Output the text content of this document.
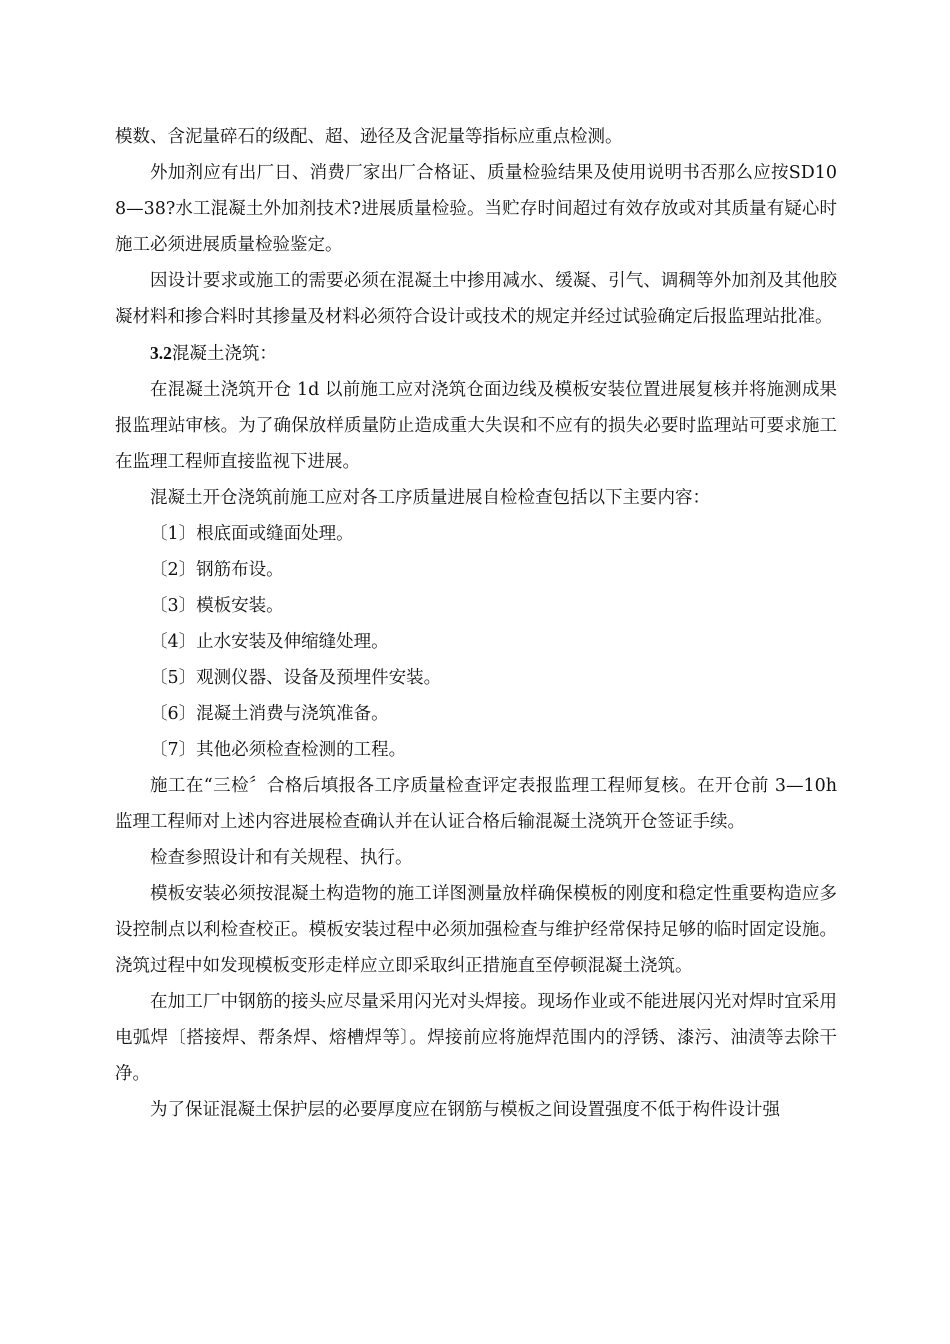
模数、含泥量碎石的级配、超、逊径及含泥量等指标应重点检测。

外加剂应有出厂日、消费厂家出厂合格证、质量检验结果及使用说明书否那么应按SD108—38?水工混凝土外加剂技术?进展质量检验。当贮存时间超过有效存放或对其质量有疑心时施工必须进展质量检验鉴定。

因设计要求或施工的需要必须在混凝土中掺用减水、缓凝、引气、调稠等外加剂及其他胶凝材料和掺合料时其掺量及材料必须符合设计或技术的规定并经过试验确定后报监理站批准。

3.2混凝土浇筑：

在混凝土浇筑开仓 1d 以前施工应对浇筑仓面边线及模板安装位置进展复核并将施测成果报监理站审核。为了确保放样质量防止造成重大失误和不应有的损失必要时监理站可要求施工在监理工程师直接监视下进展。

混凝土开仓浇筑前施工应对各工序质量进展自检检查包括以下主要内容：

〔1〕根底面或缝面处理。

〔2〕钢筋布设。

〔3〕模板安装。

〔4〕止水安装及伸缩缝处理。

〔5〕观测仪器、设备及预埋件安装。

〔6〕混凝土消费与浇筑准备。

〔7〕其他必须检查检测的工程。

施工在“三检〞合格后填报各工序质量检查评定表报监理工程师复核。在开仓前 3—10h 监理工程师对上述内容进展检查确认并在认证合格后输混凝土浇筑开仓签证手续。

检查参照设计和有关规程、执行。

模板安装必须按混凝土构造物的施工详图测量放样确保模板的刚度和稳定性重要构造应多设控制点以利检查校正。模板安装过程中必须加强检查与维护经常保持足够的临时固定设施。浇筑过程中如发现模板变形走样应立即采取纠正措施直至停顿混凝土浇筑。

在加工厂中钢筋的接头应尽量采用闪光对头焊接。现场作业或不能进展闪光对焊时宜采用电弧焊〔搭接焊、帮条焊、熔槽焊等〕。焊接前应将施焊范围内的浮锈、漆污、油渍等去除干净。

为了保证混凝土保护层的必要厚度应在钢筋与模板之间设置强度不低于构件设计强
